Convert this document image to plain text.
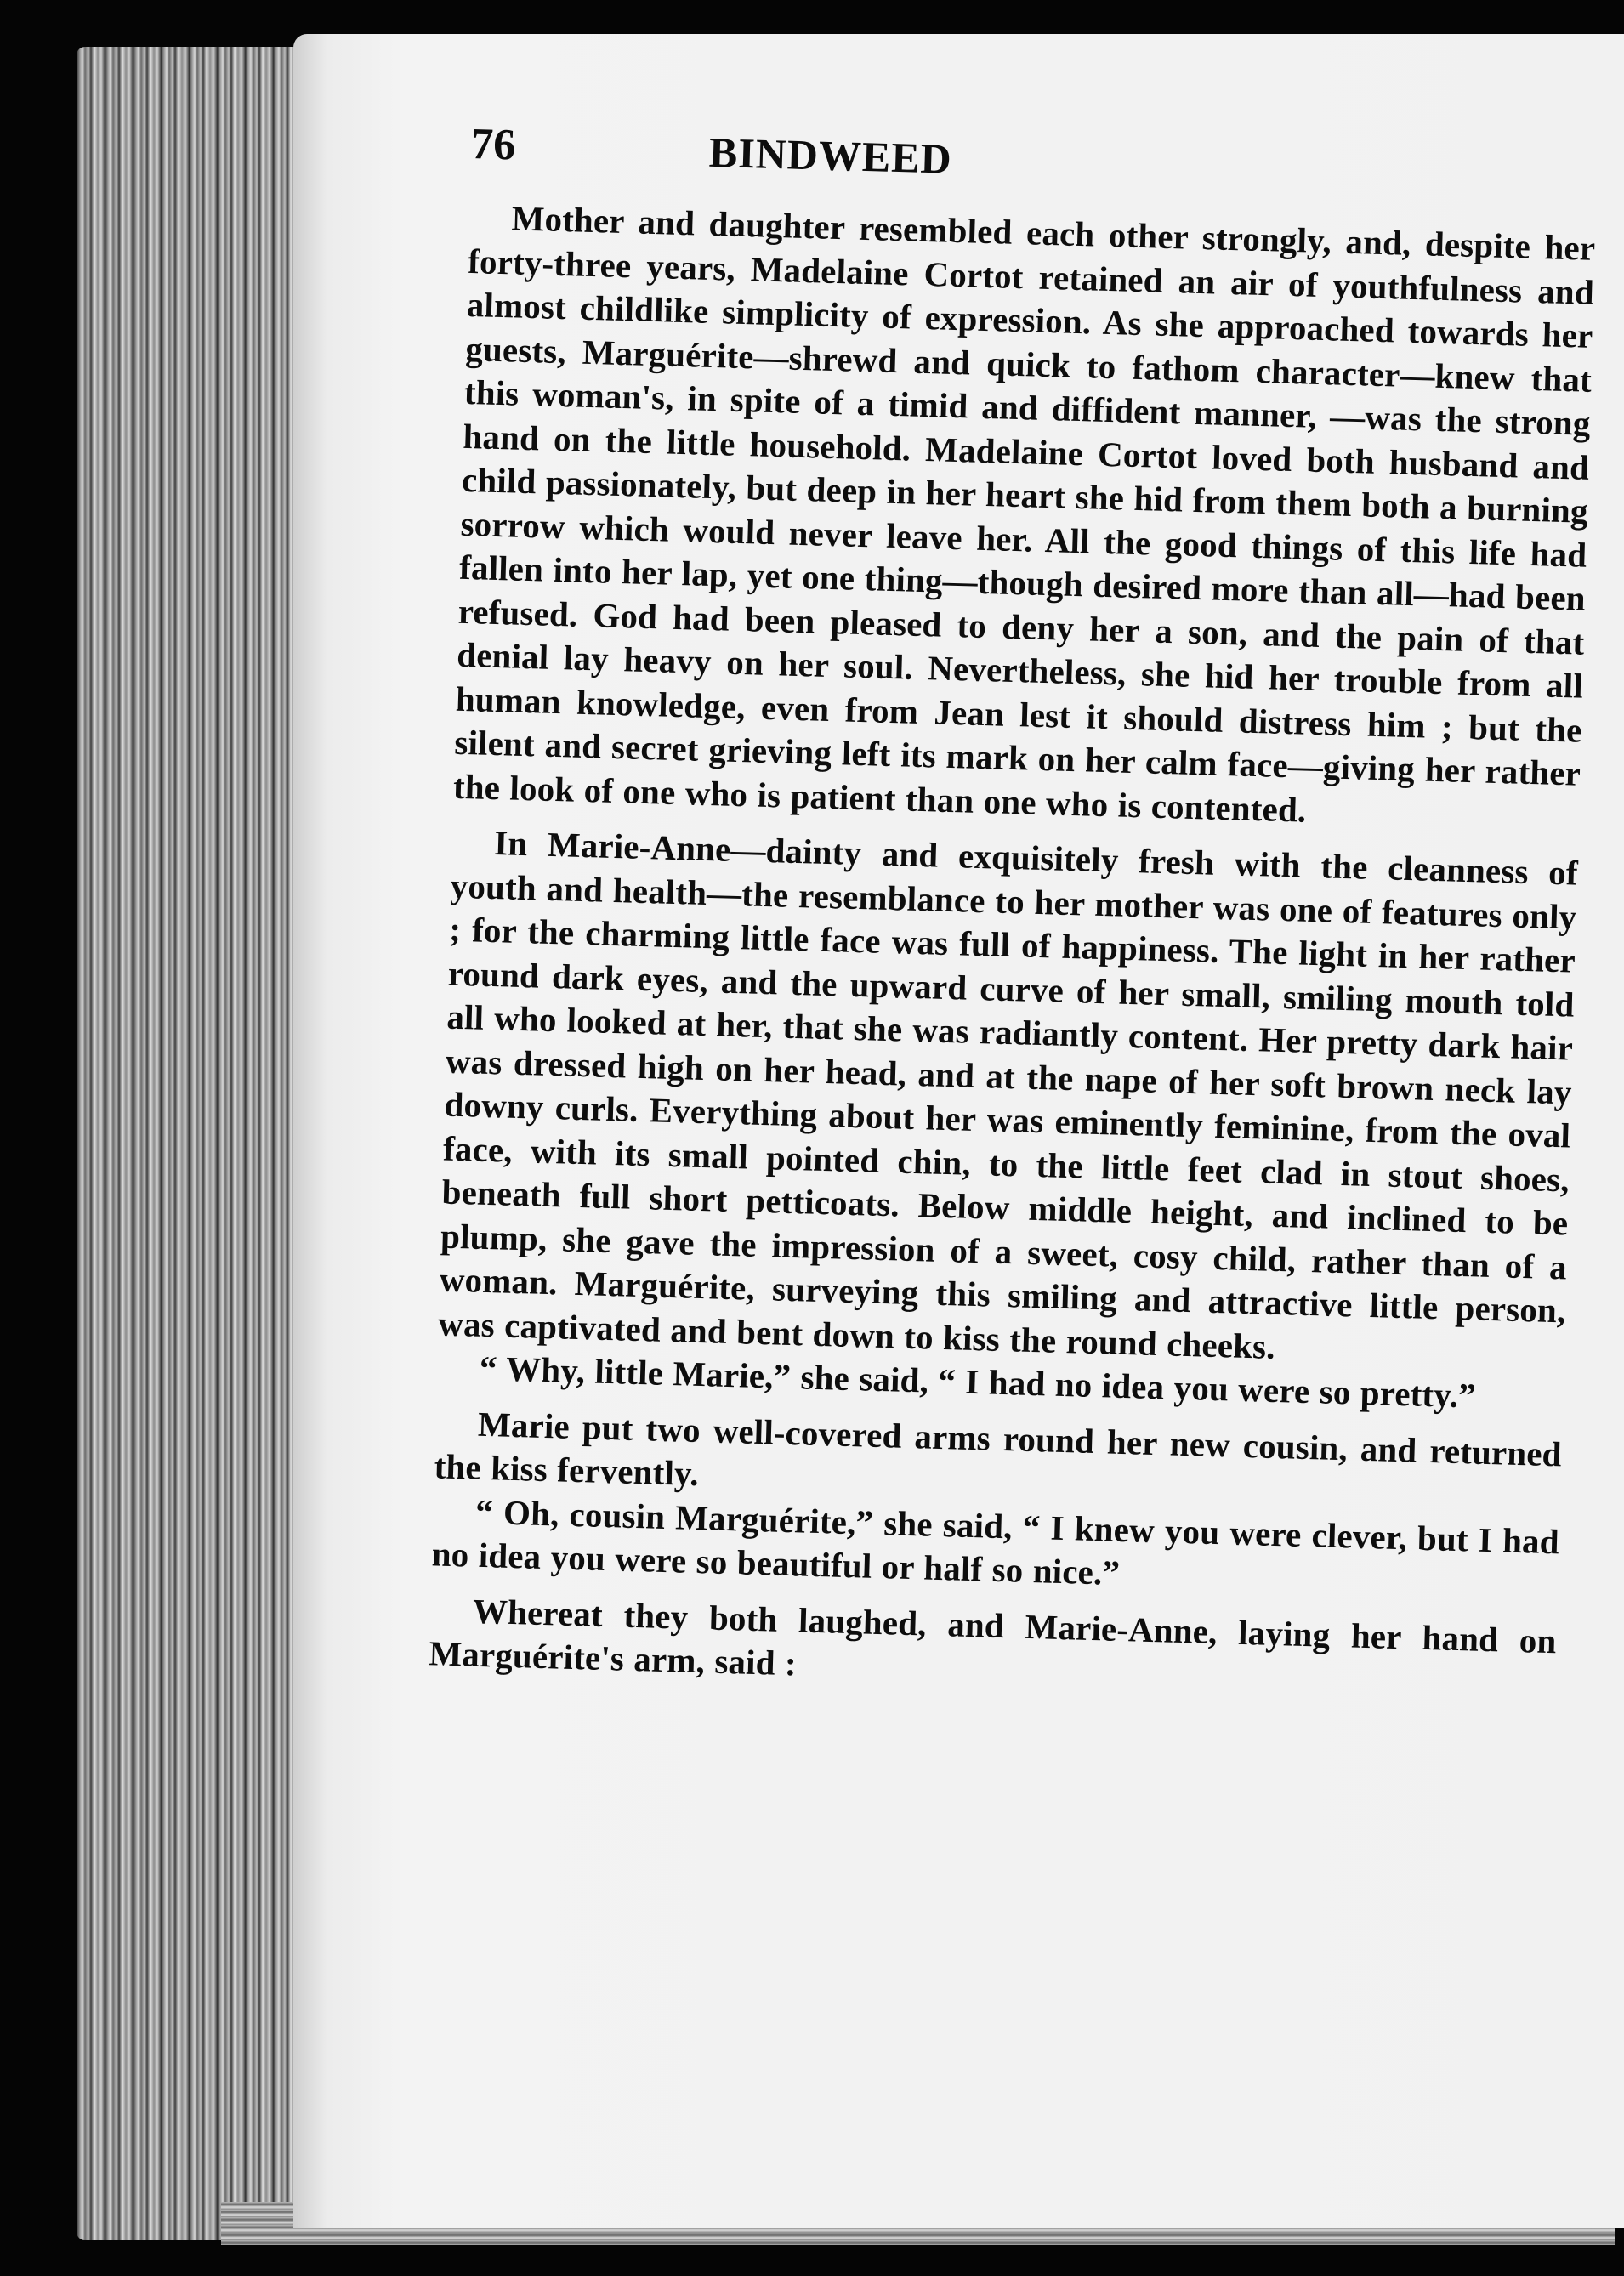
76	BINDWEED

Mother and daughter resembled each other strongly, and, despite her forty-three years, Madelaine Cortot retained an air of youthfulness and almost childlike simplicity of expression. As she approached towards her guests, Marguérite—shrewd and quick to fathom character—knew that this woman's, in spite of a timid and diffident manner, —was the strong hand on the little household. Madelaine Cortot loved both husband and child passionately, but deep in her heart she hid from them both a burning sorrow which would never leave her. All the good things of this life had fallen into her lap, yet one thing—though desired more than all—had been refused. God had been pleased to deny her a son, and the pain of that denial lay heavy on her soul. Nevertheless, she hid her trouble from all human knowledge, even from Jean lest it should distress him ; but the silent and secret grieving left its mark on her calm face—giving her rather the look of one who is patient than one who is contented.

In Marie-Anne—dainty and exquisitely fresh with the cleanness of youth and health—the resemblance to her mother was one of features only ; for the charming little face was full of happiness. The light in her rather round dark eyes, and the upward curve of her small, smiling mouth told all who looked at her, that she was radiantly content. Her pretty dark hair was dressed high on her head, and at the nape of her soft brown neck lay downy curls. Everything about her was eminently feminine, from the oval face, with its small pointed chin, to the little feet clad in stout shoes, beneath full short petticoats. Below middle height, and inclined to be plump, she gave the impression of a sweet, cosy child, rather than of a woman. Marguérite, surveying this smiling and attractive little person, was captivated and bent down to kiss the round cheeks.

“ Why, little Marie,” she said, “ I had no idea you were so pretty.”

Marie put two well-covered arms round her new cousin, and returned the kiss fervently.

“ Oh, cousin Marguérite,” she said, “ I knew you were clever, but I had no idea you were so beautiful or half so nice.”

Whereat they both laughed, and Marie-Anne, laying her hand on Marguérite's arm, said :
